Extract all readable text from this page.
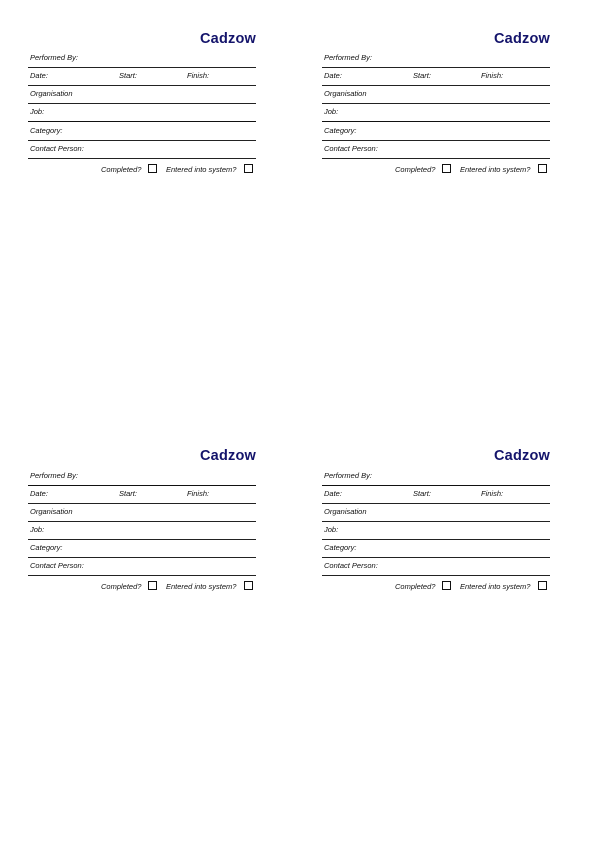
Cadzow
Performed By:
Date:	Start:	Finish:
Organisation
Job:
Category:
Contact Person:
Completed?	Entered into system?
Cadzow
Performed By:
Date:	Start:	Finish:
Organisation
Job:
Category:
Contact Person:
Completed?	Entered into system?
Cadzow
Performed By:
Date:	Start:	Finish:
Organisation
Job:
Category:
Contact Person:
Completed?	Entered into system?
Cadzow
Performed By:
Date:	Start:	Finish:
Organisation
Job:
Category:
Contact Person:
Completed?	Entered into system?
